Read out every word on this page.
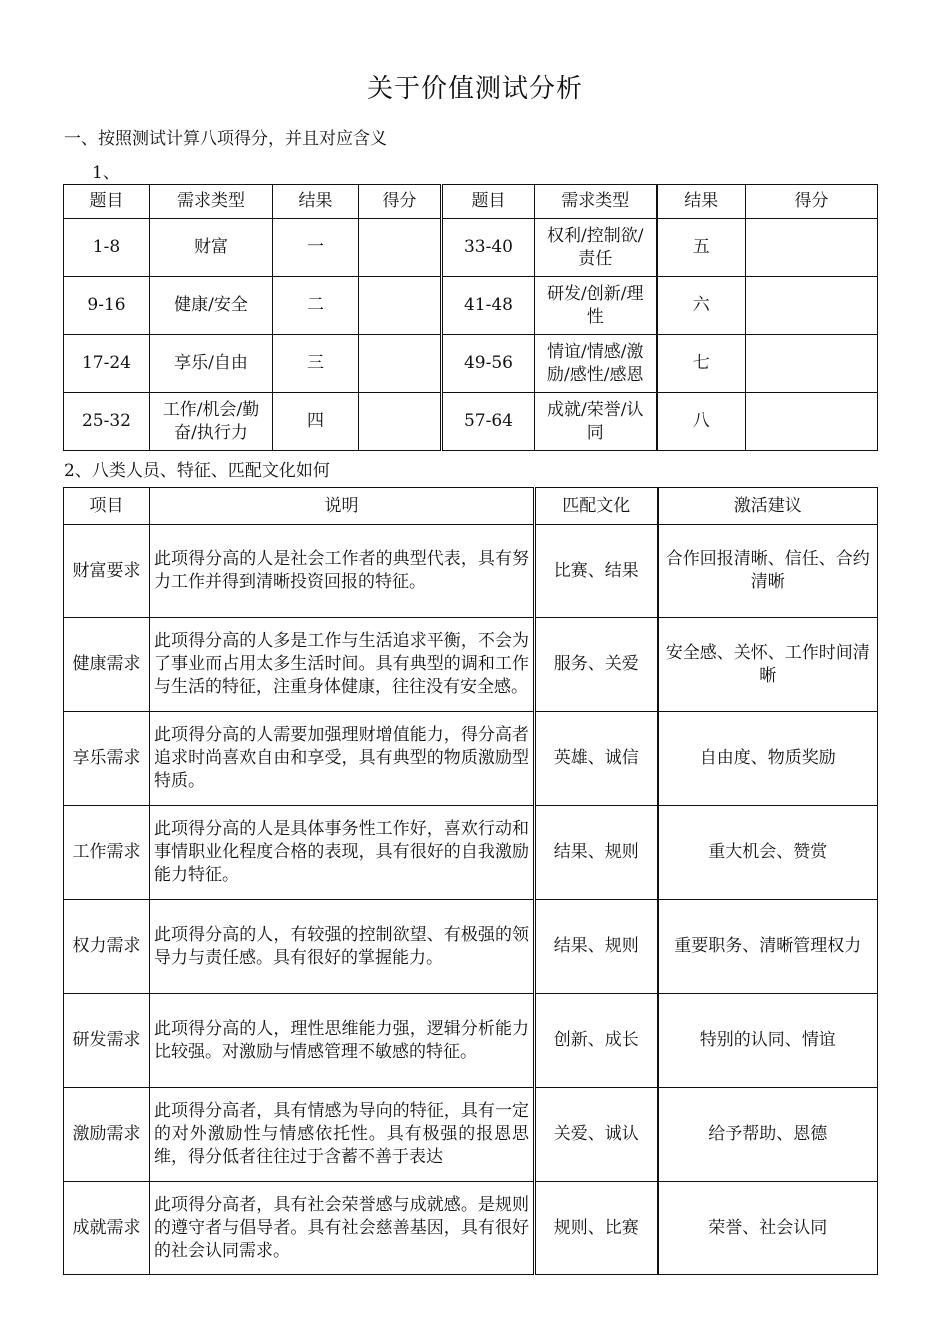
关于价值测试分析
一、按照测试计算八项得分，并且对应含义
1、
题目	需求类型	结果	得分	题目	需求类型	结果	得分
1-8	财富	一		33-40	权利/控制欲/责任	五	
9-16	健康/安全	二		41-48	研发/创新/理性	六	
17-24	享乐/自由	三		49-56	情谊/情感/激励/感性/感恩	七	
25-32	工作/机会/勤奋/执行力	四		57-64	成就/荣誉/认同	八	
2、八类人员、特征、匹配文化如何
项目	说明	匹配文化	激活建议
财富要求	此项得分高的人是社会工作者的典型代表，具有努力工作并得到清晰投资回报的特征。	比赛、结果	合作回报清晰、信任、合约清晰
健康需求	此项得分高的人多是工作与生活追求平衡，不会为了事业而占用太多生活时间。具有典型的调和工作与生活的特征，注重身体健康，往往没有安全感。	服务、关爱	安全感、关怀、工作时间清晰
享乐需求	此项得分高的人需要加强理财增值能力，得分高者追求时尚喜欢自由和享受，具有典型的物质激励型特质。	英雄、诚信	自由度、物质奖励
工作需求	此项得分高的人是具体事务性工作好，喜欢行动和事情职业化程度合格的表现，具有很好的自我激励能力特征。	结果、规则	重大机会、赞赏
权力需求	此项得分高的人，有较强的控制欲望、有极强的领导力与责任感。具有很好的掌握能力。	结果、规则	重要职务、清晰管理权力
研发需求	此项得分高的人，理性思维能力强，逻辑分析能力比较强。对激励与情感管理不敏感的特征。	创新、成长	特别的认同、情谊
激励需求	此项得分高者，具有情感为导向的特征，具有一定的对外激励性与情感依托性。具有极强的报恩思维，得分低者往往过于含蓄不善于表达	关爱、诚认	给予帮助、恩德
成就需求	此项得分高者，具有社会荣誉感与成就感。是规则的遵守者与倡导者。具有社会慈善基因，具有很好的社会认同需求。	规则、比赛	荣誉、社会认同
